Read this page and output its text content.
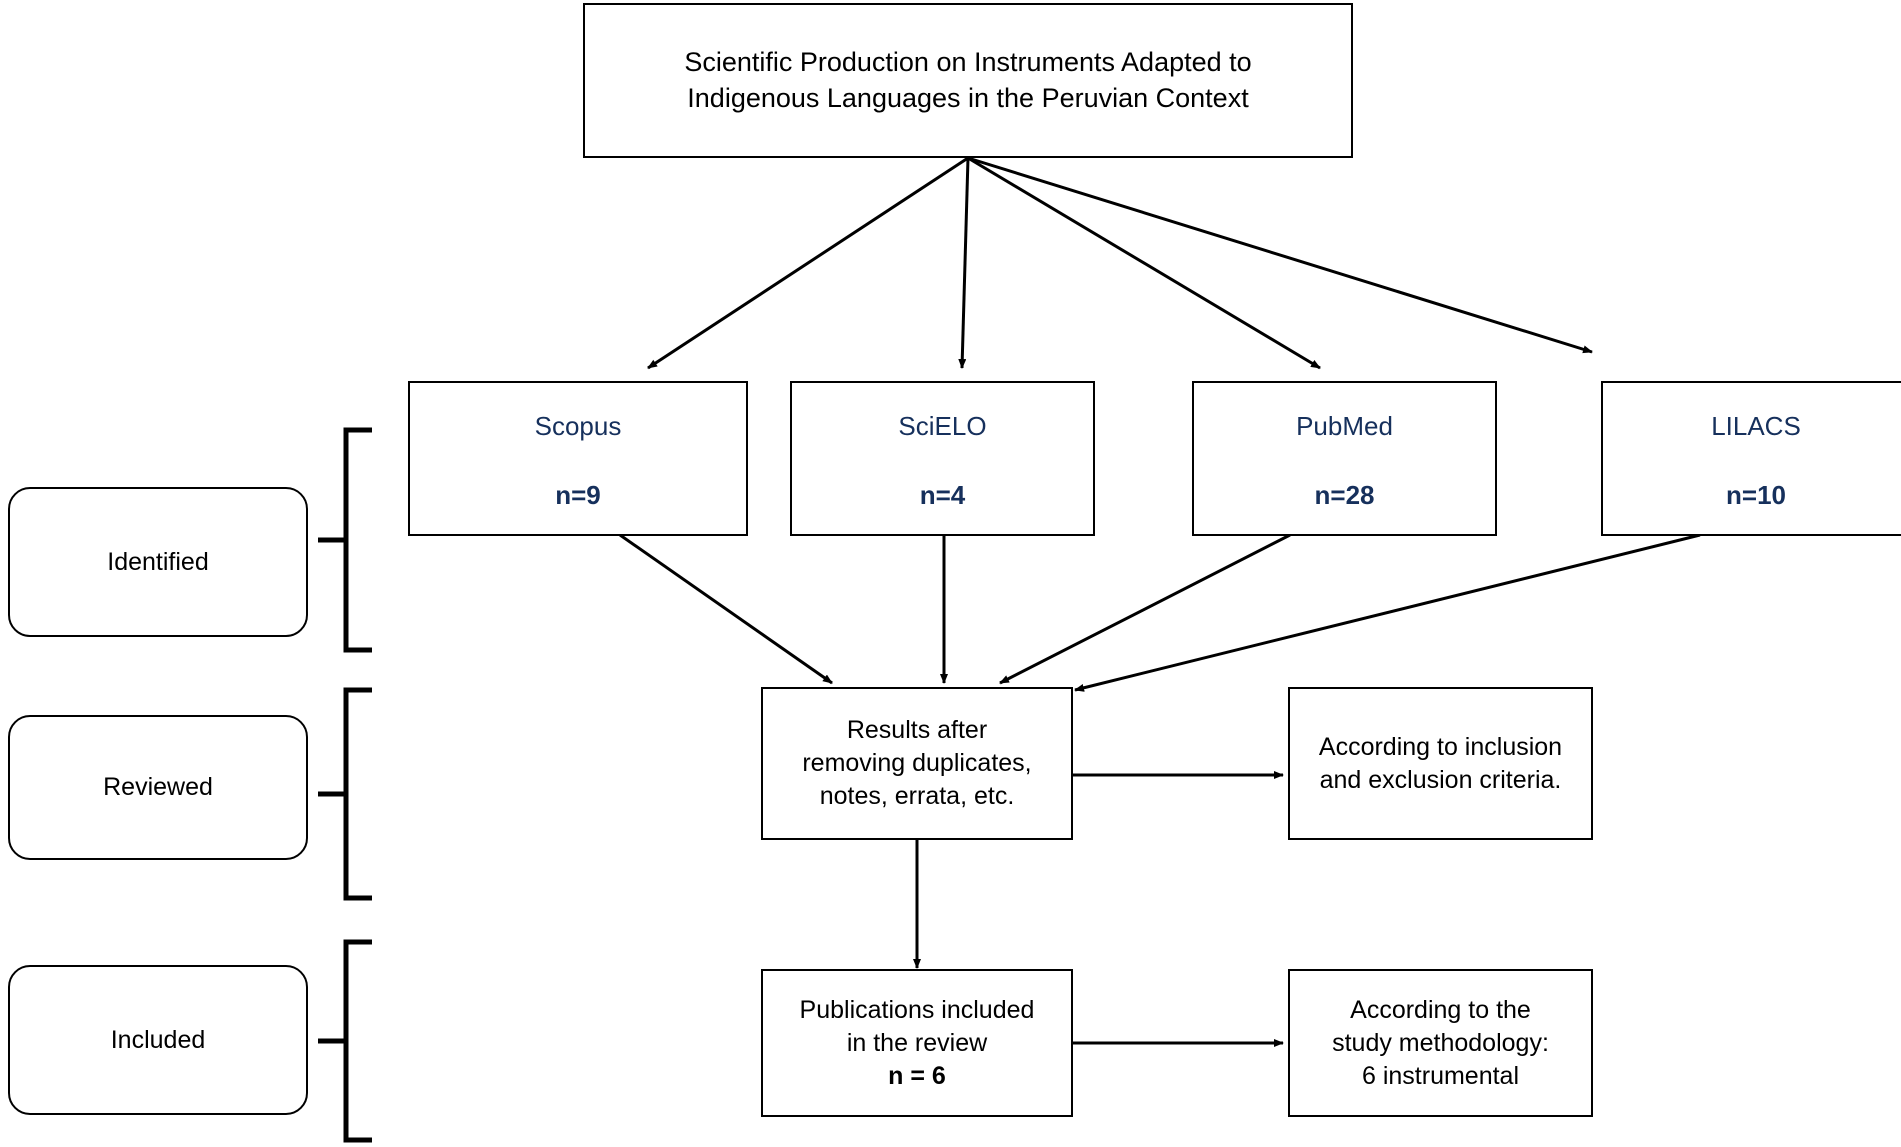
Scientific Production on Instruments Adapted to
Indigenous Languages in the Peruvian Context
Identified
Reviewed
Included
Scopus
n=9
SciELO
n=4
PubMed
n=28
LILACS
n=10
Results after
removing duplicates,
notes, errata, etc.
According to inclusion
and exclusion criteria.
Publications included
in the review
n = 6
According to the
study methodology:
6 instrumental
